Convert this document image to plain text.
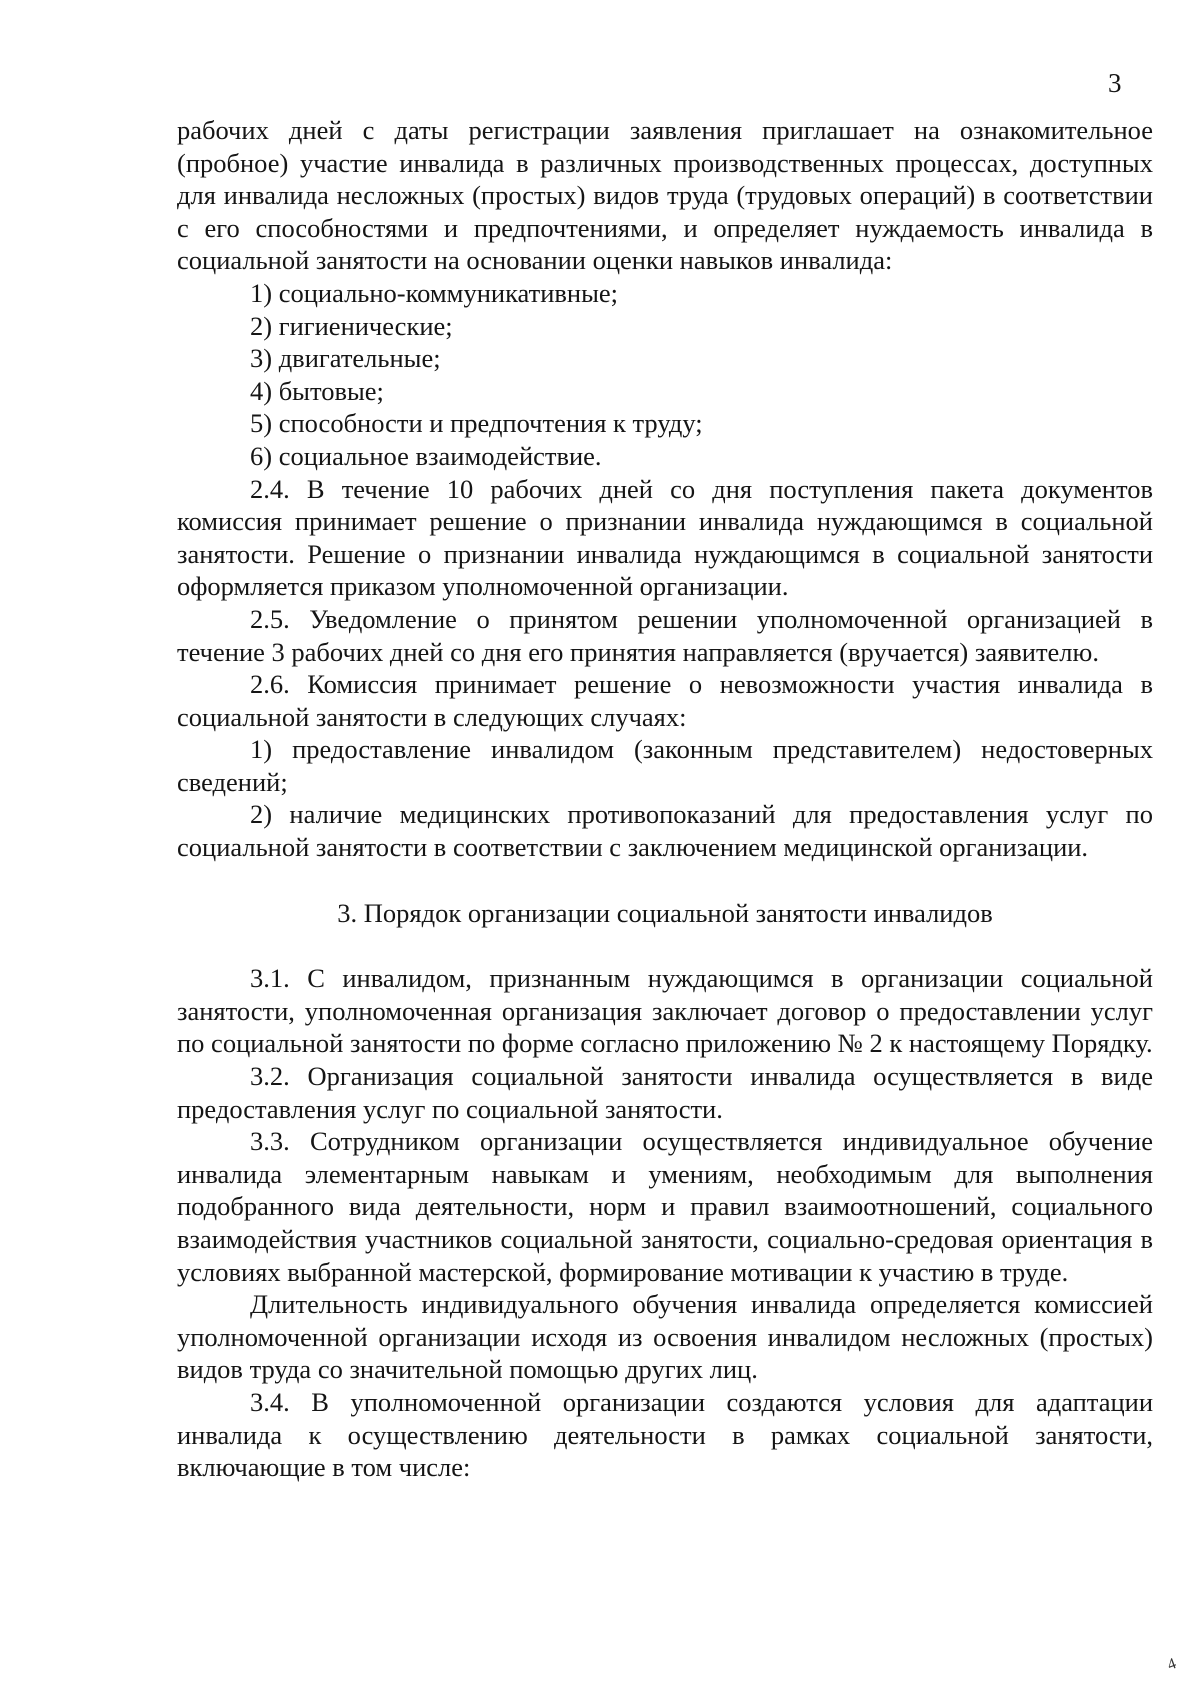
3

рабочих дней с даты регистрации заявления приглашает на ознакомительное (пробное) участие инвалида в различных производственных процессах, доступных для инвалида несложных (простых) видов труда (трудовых операций) в соответствии с его способностями и предпочтениями, и определяет нуждаемость инвалида в социальной занятости на основании оценки навыков инвалида:

1) социально-коммуникативные;

2) гигиенические;

3) двигательные;

4) бытовые;

5) способности и предпочтения к труду;

6) социальное взаимодействие.

2.4. В течение 10 рабочих дней со дня поступления пакета документов комиссия принимает решение о признании инвалида нуждающимся в социальной занятости. Решение о признании инвалида нуждающимся в социальной занятости оформляется приказом уполномоченной организации.

2.5. Уведомление о принятом решении уполномоченной организацией в течение 3 рабочих дней со дня его принятия направляется (вручается) заявителю.

2.6. Комиссия принимает решение о невозможности участия инвалида в социальной занятости в следующих случаях:

1) предоставление инвалидом (законным представителем) недостоверных сведений;

2) наличие медицинских противопоказаний для предоставления услуг по социальной занятости в соответствии с заключением медицинской организации.

3. Порядок организации социальной занятости инвалидов

3.1. С инвалидом, признанным нуждающимся в организации социальной занятости, уполномоченная организация заключает договор о предоставлении услуг по социальной занятости по форме согласно приложению № 2 к настоящему Порядку.

3.2. Организация социальной занятости инвалида осуществляется в виде предоставления услуг по социальной занятости.

3.3. Сотрудником организации осуществляется индивидуальное обучение инвалида элементарным навыкам и умениям, необходимым для выполнения подобранного вида деятельности, норм и правил взаимоотношений, социального взаимодействия участников социальной занятости, социально-средовая ориентация в условиях выбранной мастерской, формирование мотивации к участию в труде.

Длительность индивидуального обучения инвалида определяется комиссией уполномоченной организации исходя из освоения инвалидом несложных (простых) видов труда со значительной помощью других лиц.

3.4. В уполномоченной организации создаются условия для адаптации инвалида к осуществлению деятельности в рамках социальной занятости, включающие в том числе:

4
